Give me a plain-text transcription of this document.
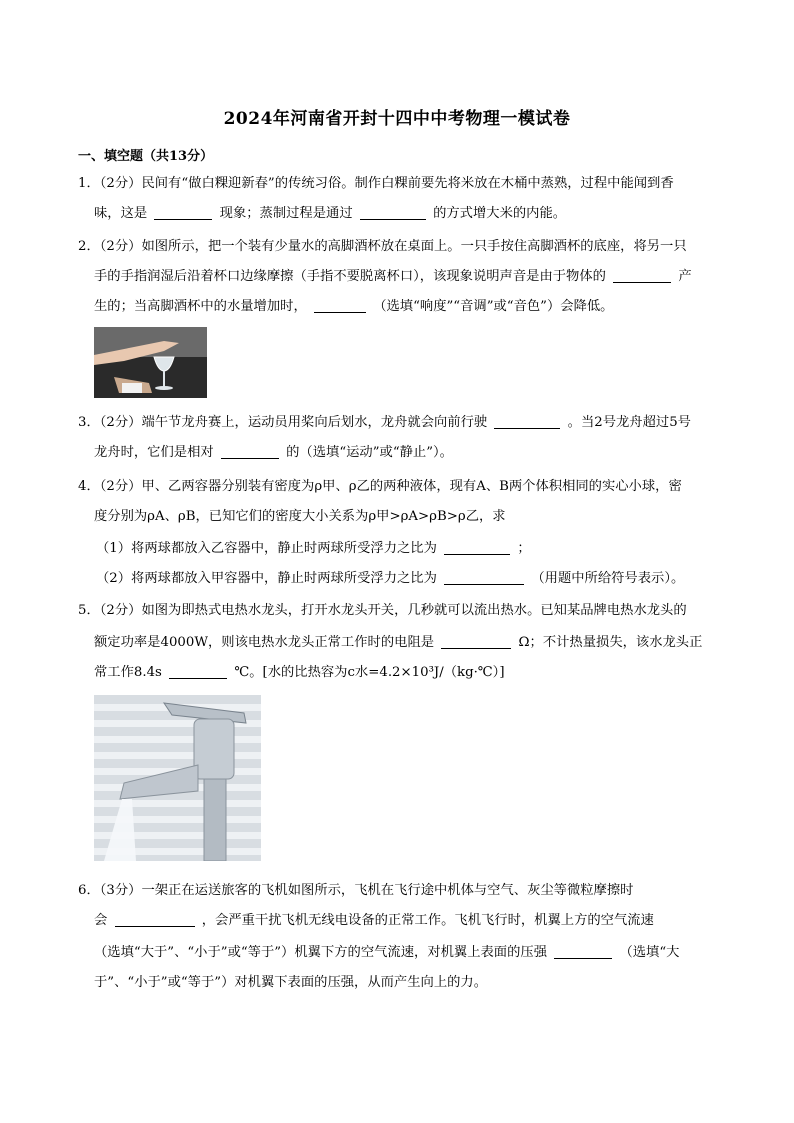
2024年河南省开封十四中中考物理一模试卷
一、填空题（共13分）
1．（2分）民间有“做白粿迎新春”的传统习俗。制作白粿前要先将米放在木桶中蒸熟，过程中能闻到香
味，这是	现象；蒸制过程是通过	的方式增大米的内能。
2．（2分）如图所示，把一个装有少量水的高脚酒杯放在桌面上。一只手按住高脚酒杯的底座，将另一只
手的手指润湿后沿着杯口边缘摩擦（手指不要脱离杯口），该现象说明声音是由于物体的	产
生的；当高脚酒杯中的水量增加时，	（选填“响度”“音调”或“音色”）会降低。
3．（2分）端午节龙舟赛上，运动员用桨向后划水，龙舟就会向前行驶	。当2号龙舟超过5号
龙舟时，它们是相对	的（选填“运动”或“静止”）。
4．（2分）甲、乙两容器分别装有密度为ρ甲、ρ乙的两种液体，现有A、B两个体积相同的实心小球，密
度分别为ρA、ρB，已知它们的密度大小关系为ρ甲>ρA>ρB>ρ乙，求
（1）将两球都放入乙容器中，静止时两球所受浮力之比为	；
（2）将两球都放入甲容器中，静止时两球所受浮力之比为	（用题中所给符号表示）。
5．（2分）如图为即热式电热水龙头，打开水龙头开关，几秒就可以流出热水。已知某品牌电热水龙头的
额定功率是4000W，则该电热水龙头正常工作时的电阻是	Ω；不计热量损失，该水龙头正
常工作8.4s	℃。[水的比热容为c水=4.2×10³J/（kg·℃）]
6．（3分）一架正在运送旅客的飞机如图所示，飞机在飞行途中机体与空气、灰尘等微粒摩擦时
会	，会严重干扰飞机无线电设备的正常工作。飞机飞行时，机翼上方的空气流速
（选填“大于”、“小于”或“等于”）机翼下方的空气流速，对机翼上表面的压强	（选填“大
于”、“小于”或“等于”）对机翼下表面的压强，从而产生向上的力。
